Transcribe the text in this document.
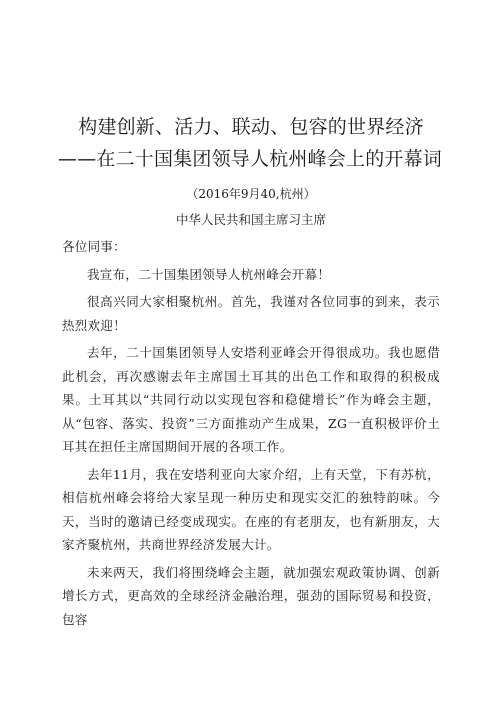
构建创新、活力、联动、包容的世界经济
——在二十国集团领导人杭州峰会上的开幕词
（2016年9月40,杭州）
中华人民共和国主席习主席

各位同事：

我宣布，二十国集团领导人杭州峰会开幕！

很高兴同大家相聚杭州。首先，我谨对各位同事的到来，表示热烈欢迎！

去年，二十国集团领导人安塔利亚峰会开得很成功。我也愿借此机会，再次感谢去年主席国土耳其的出色工作和取得的积极成果。土耳其以“共同行动以实现包容和稳健增长”作为峰会主题，从“包容、落实、投资”三方面推动产生成果，ZG一直积极评价土耳其在担任主席国期间开展的各项工作。

去年11月，我在安塔利亚向大家介绍，上有天堂，下有苏杭，相信杭州峰会将给大家呈现一种历史和现实交汇的独特韵味。今天，当时的邀请已经变成现实。在座的有老朋友，也有新朋友，大家齐聚杭州，共商世界经济发展大计。

未来两天，我们将围绕峰会主题，就加强宏观政策协调、创新增长方式，更高效的全球经济金融治理，强劲的国际贸易和投资，包容
